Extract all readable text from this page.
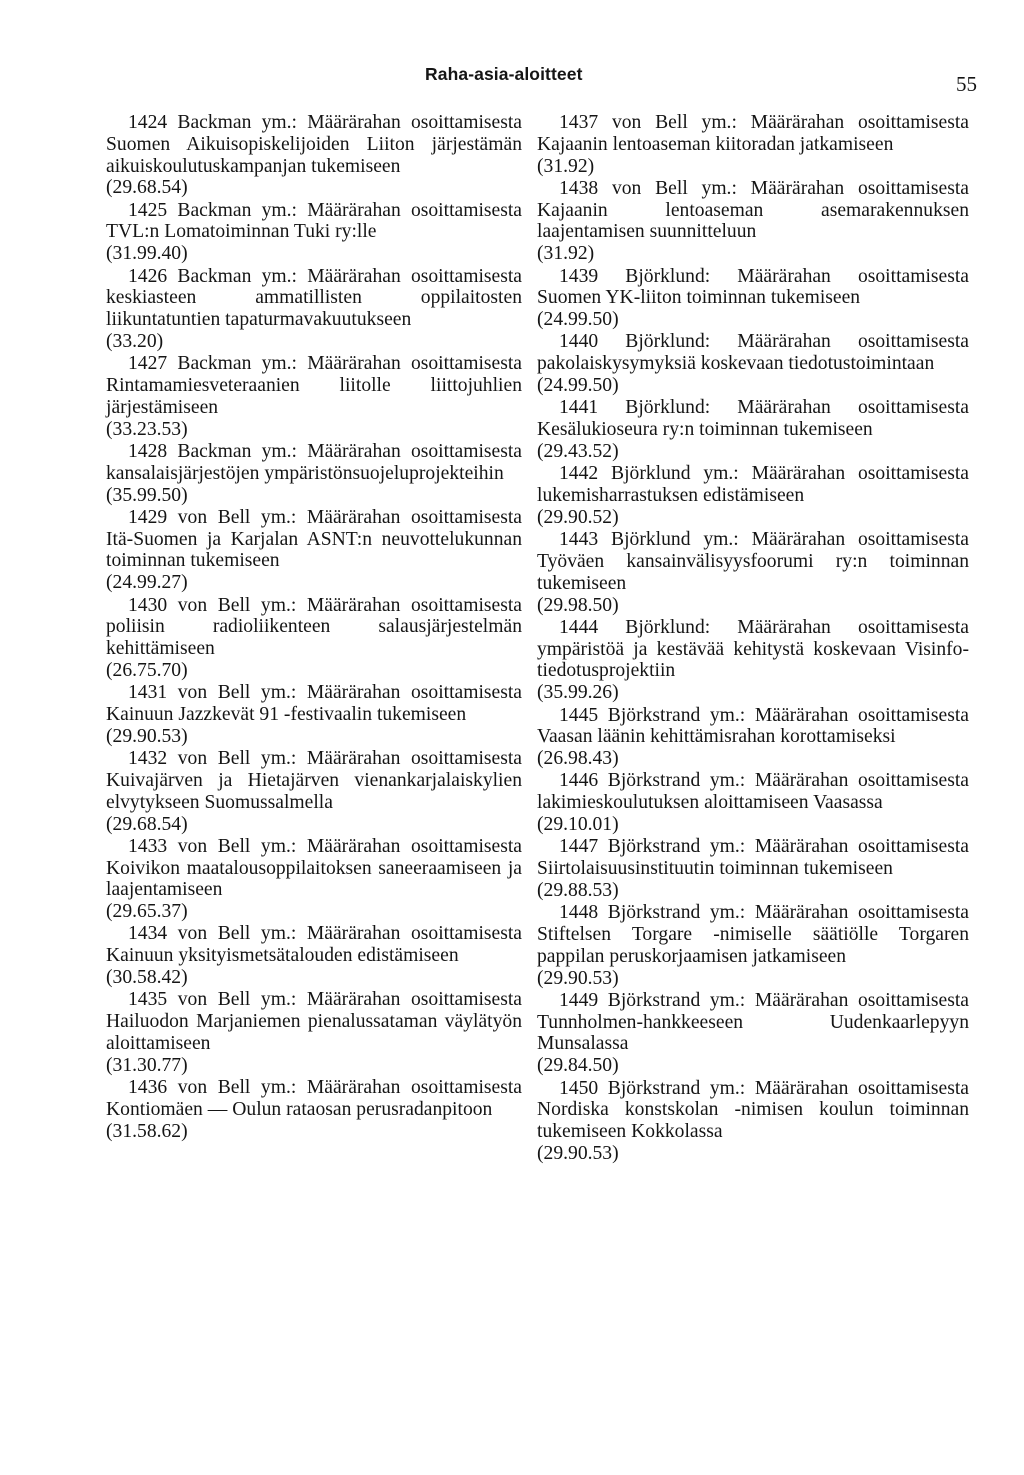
Raha-asia-aloitteet	55

1424 Backman ym.: Määrärahan osoittamisesta Suomen Aikuisopiskelijoiden Liiton järjestämän aikuiskoulutuskampanjan tukemiseen

(29.68.54)

1425 Backman ym.: Määrärahan osoittamisesta TVL:n Lomatoiminnan Tuki ry:lle

(31.99.40)

1426 Backman ym.: Määrärahan osoittamisesta keskiasteen ammatillisten oppilaitosten liikuntatuntien tapaturmavakuutukseen

(33.20)

1427 Backman ym.: Määrärahan osoittamisesta Rintamamiesveteraanien liitolle liittojuhlien järjestämiseen

(33.23.53)

1428 Backman ym.: Määrärahan osoittamisesta kansalaisjärjestöjen ympäristönsuojeluprojekteihin

(35.99.50)

1429 von Bell ym.: Määrärahan osoittamisesta Itä-Suomen ja Karjalan ASNT:n neuvottelukunnan toiminnan tukemiseen

(24.99.27)

1430 von Bell ym.: Määrärahan osoittamisesta poliisin radioliikenteen salausjärjestelmän kehittämiseen

(26.75.70)

1431 von Bell ym.: Määrärahan osoittamisesta Kainuun Jazzkevät 91 -festivaalin tukemiseen

(29.90.53)

1432 von Bell ym.: Määrärahan osoittamisesta Kuivajärven ja Hietajärven vienankarjalaiskylien elvytykseen Suomussalmella

(29.68.54)

1433 von Bell ym.: Määrärahan osoittamisesta Koivikon maatalousoppilaitoksen saneeraamiseen ja laajentamiseen

(29.65.37)

1434 von Bell ym.: Määrärahan osoittamisesta Kainuun yksityismetsätalouden edistämiseen

(30.58.42)

1435 von Bell ym.: Määrärahan osoittamisesta Hailuodon Marjaniemen pienalussataman väylätyön aloittamiseen

(31.30.77)

1436 von Bell ym.: Määrärahan osoittamisesta Kontiomäen — Oulun rataosan perusradanpitoon

(31.58.62)

1437 von Bell ym.: Määrärahan osoittamisesta Kajaanin lentoaseman kiitoradan jatkamiseen

(31.92)

1438 von Bell ym.: Määrärahan osoittamisesta Kajaanin lentoaseman asemarakennuksen laajentamisen suunnitteluun

(31.92)

1439 Björklund: Määrärahan osoittamisesta Suomen YK-liiton toiminnan tukemiseen

(24.99.50)

1440 Björklund: Määrärahan osoittamisesta pakolaiskysymyksiä koskevaan tiedotustoimintaan

(24.99.50)

1441 Björklund: Määrärahan osoittamisesta Kesälukioseura ry:n toiminnan tukemiseen

(29.43.52)

1442 Björklund ym.: Määrärahan osoittamisesta lukemisharrastuksen edistämiseen

(29.90.52)

1443 Björklund ym.: Määrärahan osoittamisesta Työväen kansainvälisyysfoorumi ry:n toiminnan tukemiseen

(29.98.50)

1444 Björklund: Määrärahan osoittamisesta ympäristöä ja kestävää kehitystä koskevaan Visinfo-tiedotusprojektiin

(35.99.26)

1445 Björkstrand ym.: Määrärahan osoittamisesta Vaasan läänin kehittämisrahan korottamiseksi

(26.98.43)

1446 Björkstrand ym.: Määrärahan osoittamisesta lakimieskoulutuksen aloittamiseen Vaasassa

(29.10.01)

1447 Björkstrand ym.: Määrärahan osoittamisesta Siirtolaisuusinstituutin toiminnan tukemiseen

(29.88.53)

1448 Björkstrand ym.: Määrärahan osoittamisesta Stiftelsen Torgare -nimiselle säätiölle Torgaren pappilan peruskorjaamisen jatkamiseen

(29.90.53)

1449 Björkstrand ym.: Määrärahan osoittamisesta Tunnholmen-hankkeeseen Uudenkaarlepyyn Munsalassa

(29.84.50)

1450 Björkstrand ym.: Määrärahan osoittamisesta Nordiska konstskolan -nimisen koulun toiminnan tukemiseen Kokkolassa

(29.90.53)
